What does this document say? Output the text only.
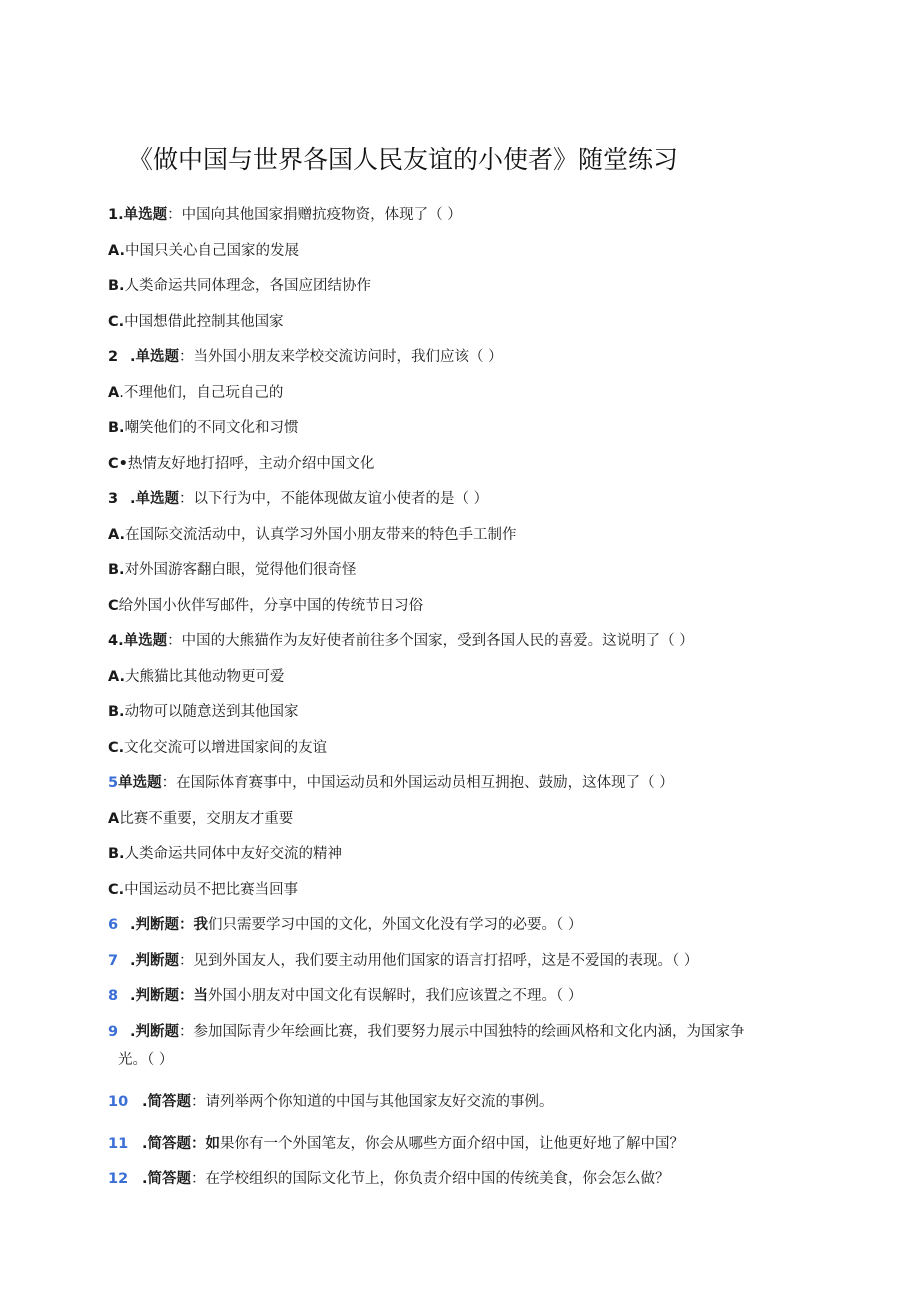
《做中国与世界各国人民友谊的小使者》随堂练习
1.单选题：中国向其他国家捐赠抗疫物资，体现了（ ）
A.中国只关心自己国家的发展
B.人类命运共同体理念，各国应团结协作
C.中国想借此控制其他国家
2 .单选题：当外国小朋友来学校交流访问时，我们应该（ ）
A.不理他们，自己玩自己的
B.嘲笑他们的不同文化和习惯
C•热情友好地打招呼，主动介绍中国文化
3 .单选题：以下行为中，不能体现做友谊小使者的是（ ）
A.在国际交流活动中，认真学习外国小朋友带来的特色手工制作
B.对外国游客翻白眼，觉得他们很奇怪
C给外国小伙伴写邮件，分享中国的传统节日习俗
4.单选题：中国的大熊猫作为友好使者前往多个国家，受到各国人民的喜爱。这说明了（ ）
A.大熊猫比其他动物更可爱
B.动物可以随意送到其他国家
C.文化交流可以增进国家间的友谊
5单选题：在国际体育赛事中，中国运动员和外国运动员相互拥抱、鼓励，这体现了（ ）
A比赛不重要，交朋友才重要
B.人类命运共同体中友好交流的精神
C.中国运动员不把比赛当回事
6 .判断题：我们只需要学习中国的文化，外国文化没有学习的必要。（ ）
7 .判断题：见到外国友人，我们要主动用他们国家的语言打招呼，这是不爱国的表现。（ ）
8 .判断题：当外国小朋友对中国文化有误解时，我们应该置之不理。（ ）
9 .判断题：参加国际青少年绘画比赛，我们要努力展示中国独特的绘画风格和文化内涵，为国家争
光。（ ）
10 .简答题：请列举两个你知道的中国与其他国家友好交流的事例。
11 .简答题：如果你有一个外国笔友，你会从哪些方面介绍中国，让他更好地了解中国？
12 .简答题：在学校组织的国际文化节上，你负责介绍中国的传统美食，你会怎么做？
